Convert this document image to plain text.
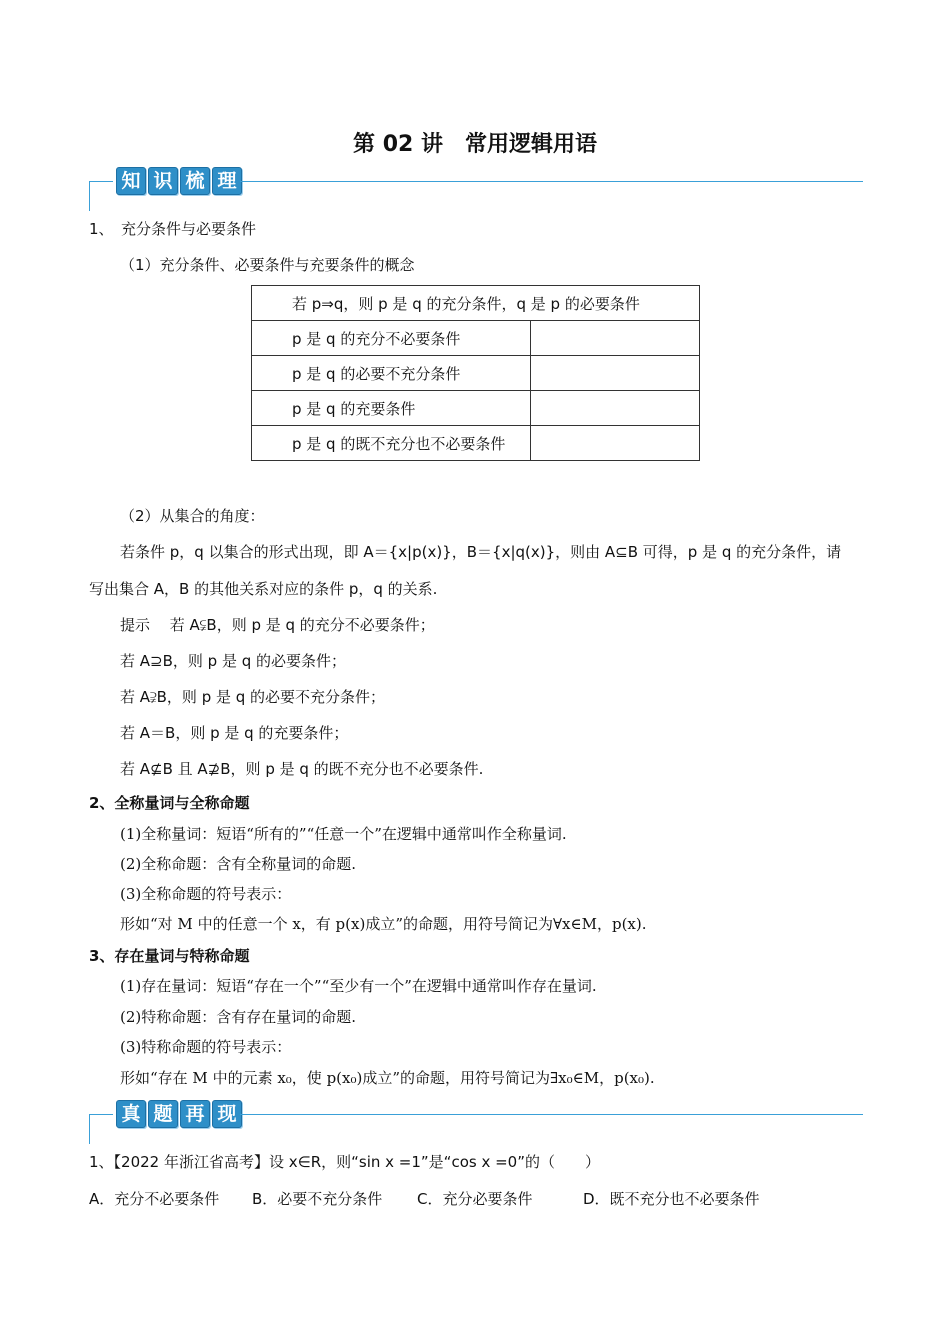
第 02 讲　常用逻辑用语
知 识 梳 理
1、　充分条件与必要条件
（1）充分条件、必要条件与充要条件的概念
若 p⇒q，则 p 是 q 的充分条件，q 是 p 的必要条件	
p 是 q 的充分不必要条件	
p 是 q 的必要不充分条件	
p 是 q 的充要条件	
p 是 q 的既不充分也不必要条件	
（2）从集合的角度：
若条件 p，q 以集合的形式出现，即 A＝{x|p(x)}，B＝{x|q(x)}，则由 A⊆B 可得，p 是 q 的充分条件，请
写出集合 A，B 的其他关系对应的条件 p，q 的关系.
提示　 若 A⫋B，则 p 是 q 的充分不必要条件；
若 A⊇B，则 p 是 q 的必要条件；
若 A⫌B，则 p 是 q 的必要不充分条件；
若 A＝B，则 p 是 q 的充要条件；
若 A⊈B 且 A⊉B，则 p 是 q 的既不充分也不必要条件.
2、全称量词与全称命题
(1)全称量词：短语“所有的”“任意一个”在逻辑中通常叫作全称量词.
(2)全称命题：含有全称量词的命题.
(3)全称命题的符号表示：
形如“对 M 中的任意一个 x，有 p(x)成立”的命题，用符号简记为∀x∈M，p(x).
3、存在量词与特称命题
(1)存在量词：短语“存在一个”“至少有一个”在逻辑中通常叫作存在量词.
(2)特称命题：含有存在量词的命题.
(3)特称命题的符号表示：
形如“存在 M 中的元素 x₀，使 p(x₀)成立”的命题，用符号简记为∃x₀∈M，p(x₀).
真 题 再 现
1、【2022 年浙江省高考】设 x∈R，则“sin x =1”是“cos x =0”的（　　）
A．充分不必要条件 B．必要不充分条件 C．充分必要条件	D．既不充分也不必要条件
